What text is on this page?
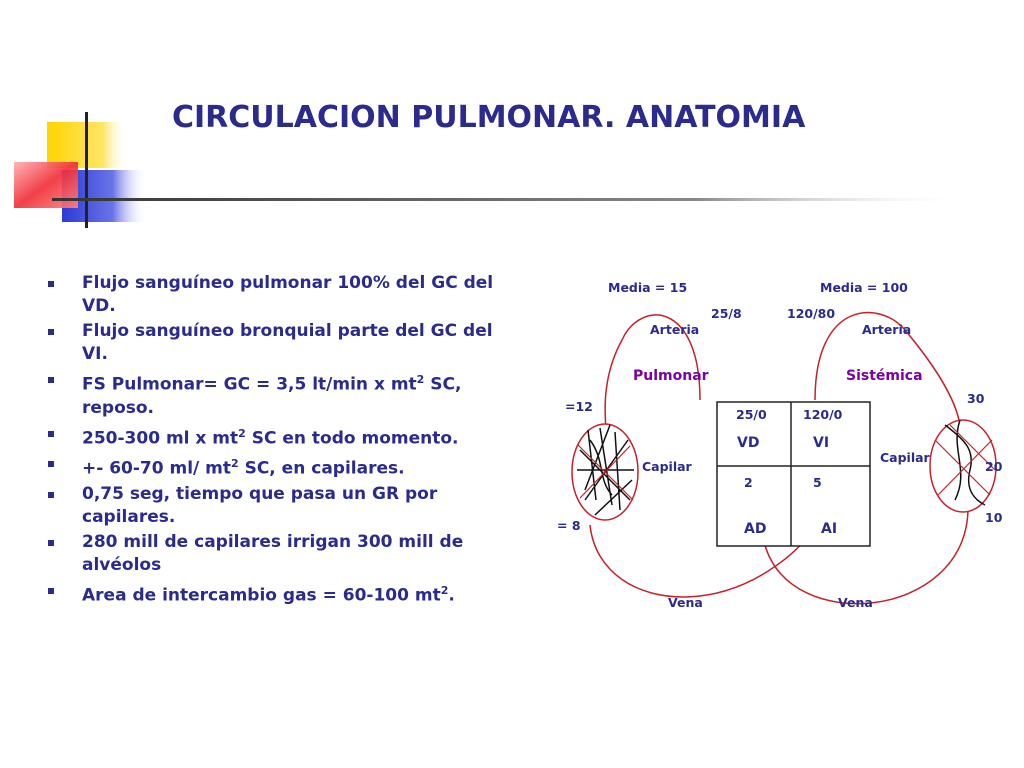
CIRCULACION PULMONAR. ANATOMIA
Flujo sanguíneo pulmonar 100% del GC del VD.
Flujo sanguíneo bronquial parte del GC del VI.
FS Pulmonar= GC = 3,5 lt/min x $mt^2$ SC, reposo.
250-300 ml x $mt^2$ SC en todo momento.
+- 60-70 ml/ $mt^2$ SC, en capilares.
0,75 seg, tiempo que pasa un GR por capilares.
280 mill de capilares irrigan 300 mill de alvéolos
Area de intercambio gas = 60-100 $mt^2$.
Media = 15	Media = 100
25/8	120/80
Arteria	Arteria
Pulmonar	Sistémica
=12
= 8
Capilar
Capilar
30
20
10
Vena	Vena
25/0	120/0
VD	VI
2	5
AD	AI
